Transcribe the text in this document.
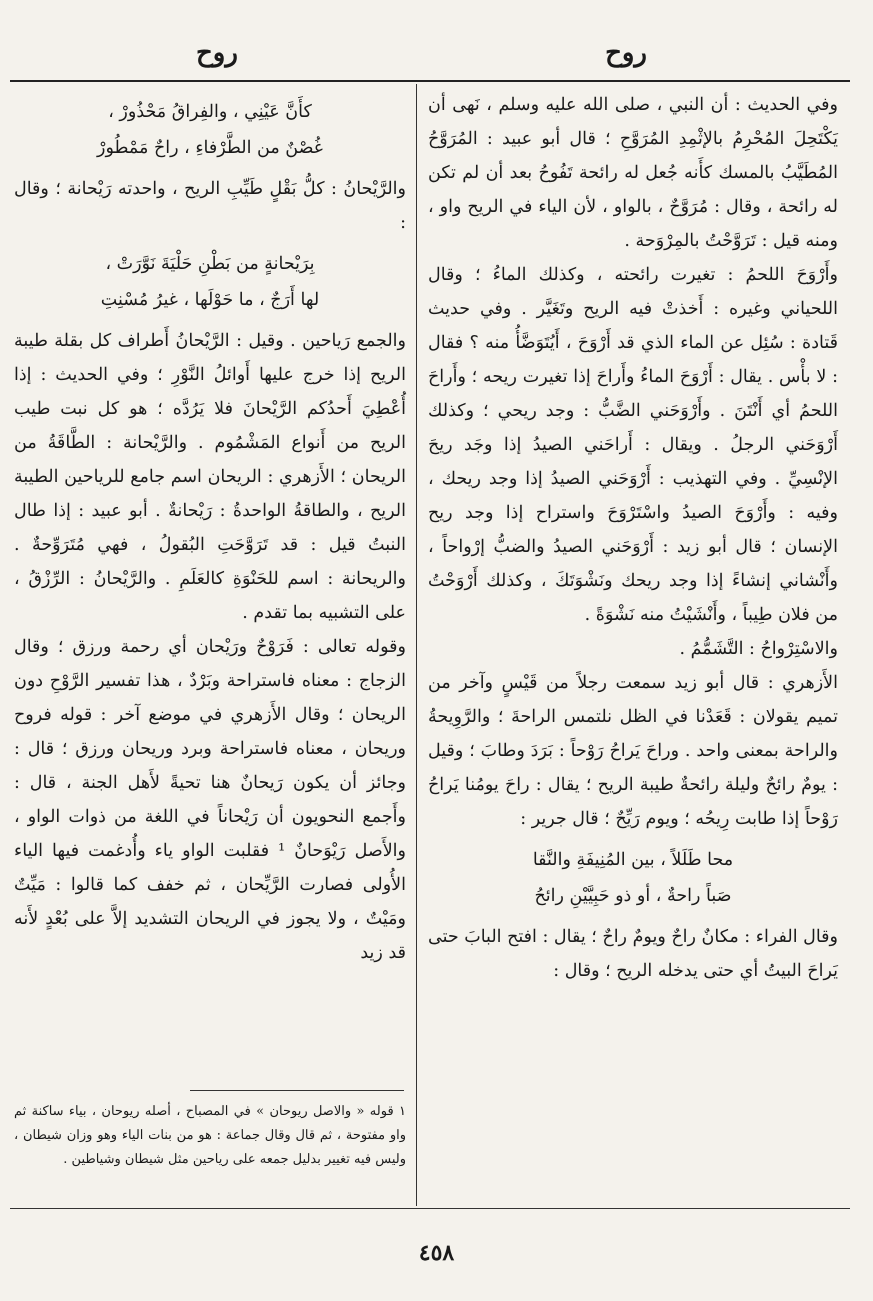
روح
روح

وفي الحديث : أن النبي ، صلى الله عليه وسلم ، نَهى أن يَكْتَحِلَ المُحْرِمُ بالإثْمِدِ المُرَوَّحِ ؛ قال أبو عبيد : المُرَوَّحُ المُطَيَّبُ بالمسك كأَنه جُعل له رائحة تَفُوحُ بعد أن لم تكن له رائحة ، وقال : مُرَوَّحٌ ، بالواو ، لأن الياء في الريح واو ، ومنه قيل : تَرَوَّحْتُ بالمِرْوَحة .

وأَرْوَحَ اللحمُ : تغيرت رائحته ، وكذلك الماءُ ؛ وقال اللحياني وغيره : أَخذتْ فيه الريح وتَغَيَّر . وفي حديث قَتادة : سُئِل عن الماء الذي قد أَرْوَحَ ، أَيُتَوَضَّأُ منه ؟ فقال : لا بأْس . يقال : أَرْوَحَ الماءُ وأَراحَ إذا تغيرت ريحه ؛ وأَراحَ اللحمُ أي أَنْتَنَ . وأَرْوَحَني الضَّبُّ : وجد ريحي ؛ وكذلك أَرْوَحَني الرجلُ . ويقال : أَراحَني الصيدُ إذا وجَد ريحَ الإنْسِيِّ . وفي التهذيب : أَرْوَحَني الصيدُ إذا وجد ريحك ، وفيه : وأَرْوَحَ الصيدُ واسْتَرْوَحَ واستراح إذا وجد ريح الإنسان ؛ قال أبو زيد : أَرْوَحَني الصيدُ والضبُّ إرْواحاً ، وأَنْشاني إنشاءً إذا وجد ريحك ونَشْوَتَكَ ، وكذلك أَرْوَحْتُ من فلان طِيباً ، وأَنْشَيْتُ منه نَشْوَةً .

والاسْتِرْواحُ : التَّشَمُّمُ .

الأَزهري : قال أبو زيد سمعت رجلاً من قَيْسٍ وآخر من تميم يقولان : قَعَدْنا في الظل نلتمس الراحةَ ؛ والرَّوِيحةُ والراحة بمعنى واحد . وراحَ يَراحُ رَوْحاً : بَرَدَ وطابَ ؛ وقيل : يومٌ رائحٌ وليلة رائحةٌ طيبة الريح ؛ يقال : راحَ يومُنا يَراحُ رَوْحاً إذا طابت رِيحُه ؛ ويوم رَيِّحٌ ؛ قال جرير :

محا طَلَلاً ، بين المُنِيفَةِ والنَّقا
صَباً راحةٌ ، أو ذو حَبِيَّيْنِ رائحُ

وقال الفراء : مكانٌ راحٌ ويومٌ راحٌ ؛ يقال : افتح البابَ حتى يَراحَ البيتُ أي حتى يدخله الريح ؛ وقال :

كأَنَّ عَيْنِي ، والفِراقُ مَحْذُورْ ،
غُصْنٌ من الطَّرْفاءِ ، راحٌ مَمْطُورْ

والرَّيْحانُ : كلُّ بَقْلٍ طَيِّبِ الريح ، واحدته رَيْحانة ؛ وقال :

بِرَيْحانةٍ من بَطْنِ حَلْيَةَ نَوَّرَتْ ،
لها أَرَجٌ ، ما حَوْلَها ، غيرُ مُسْنِتِ

والجمع رَياحين . وقيل : الرَّيْحانُ أَطراف كل بقلة طيبة الريح إذا خرج عليها أَوائلُ النَّوْرِ ؛ وفي الحديث : إذا أُعْطِيَ أَحدُكم الرَّيْحانَ فلا يَرُدَّه ؛ هو كل نبت طيب الريح من أَنواع المَشْمُوم . والرَّيْحانة : الطَّاقَةُ من الريحان ؛ الأَزهري : الريحان اسم جامع للرياحين الطيبة الريح ، والطاقةُ الواحدةُ : رَيْحانةٌ . أبو عبيد : إذا طال النبتُ قيل : قد تَرَوَّحَتِ البُقولُ ، فهي مُتَرَوِّحةٌ . والريحانة : اسم للحَنْوَةِ كالعَلَمِ . والرَّيْحانُ : الرِّزْقُ ، على التشبيه بما تقدم .

وقوله تعالى : فَرَوْحٌ ورَيْحان أي رحمة ورزق ؛ وقال الزجاج : معناه فاستراحة وبَرْدٌ ، هذا تفسير الرَّوْحِ دون الريحان ؛ وقال الأَزهري في موضع آخر : قوله فروح وريحان ، معناه فاستراحة وبرد وريحان ورزق ؛ قال : وجائز أن يكون رَيحانٌ هنا تحيةً لأَهل الجنة ، قال : وأَجمع النحويون أن رَيْحاناً في اللغة من ذوات الواو ، والأَصل رَيْوَحانٌ ¹ فقلبت الواو ياء وأُدغمت فيها الياء الأُولى فصارت الرَّيِّحان ، ثم خفف كما قالوا : مَيِّتٌ ومَيْتٌ ، ولا يجوز في الريحان التشديد إلاَّ على بُعْدٍ لأَنه قد زيد

١ قوله « والاصل ريوحان » في المصباح ، أصله ريوحان ، بياء ساكنة ثم واو مفتوحة ، ثم قال وقال جماعة : هو من بنات الياء وهو وزان شيطان ، وليس فيه تغيير بدليل جمعه على رياحين مثل شيطان وشياطين .
٤٥٨
